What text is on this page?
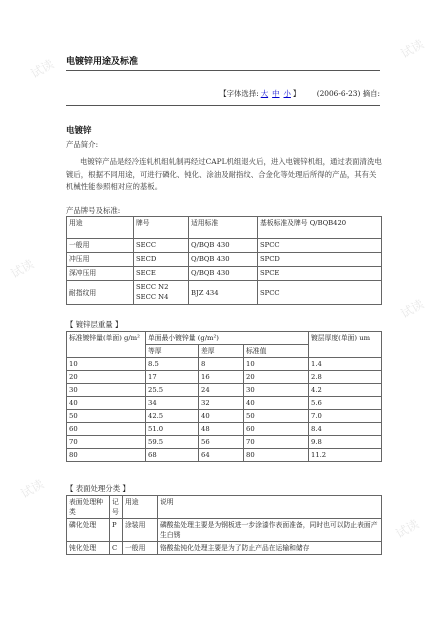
试读
试读
试读
试读
试读
试读
电镀锌用途及标准
【字体选择: 大 中 小 】 (2006-6-23) 摘自:
电镀锌
产品简介:
电镀锌产品是经冷连轧机组轧制再经过CAPL机组退火后，进入电镀锌机组，通过表面清洗电镀后，根据不同用途，可进行磷化、钝化、涂油及耐指纹、合金化等处理后所得的产品，其有关机械性能参照相对应的基板。
产品牌号及标准:
用途	牌号	适用标准	基板标准及牌号 Q/BQB420
一般用	SECC	Q/BQB 430	SPCC
冲压用	SECD	Q/BQB 430	SPCD
深冲压用	SECE	Q/BQB 430	SPCE
耐指纹用	SECC N2 SECC N4	BJZ 434	SPCC
【 镀锌层重量 】
标准镀锌量(单面) g/m²	单面最小镀锌量 (g/m²)			镀层厚度(单面) um
	等厚	差厚	标准值	
10	8.5	8	10	1.4
20	17	16	20	2.8
30	25.5	24	30	4.2
40	34	32	40	5.6
50	42.5	40	50	7.0
60	51.0	48	60	8.4
70	59.5	56	70	9.8
80	68	64	80	11.2
【 表面处理分类 】
表面处理种类	记号	用途	说明
磷化处理	P	涂装用	磷酸盐处理主要是为钢板进一步涂漆作表面准备，同时也可以防止表面产生白锈
钝化处理	C	一般用	铬酸盐钝化处理主要是为了防止产品在运输和储存
